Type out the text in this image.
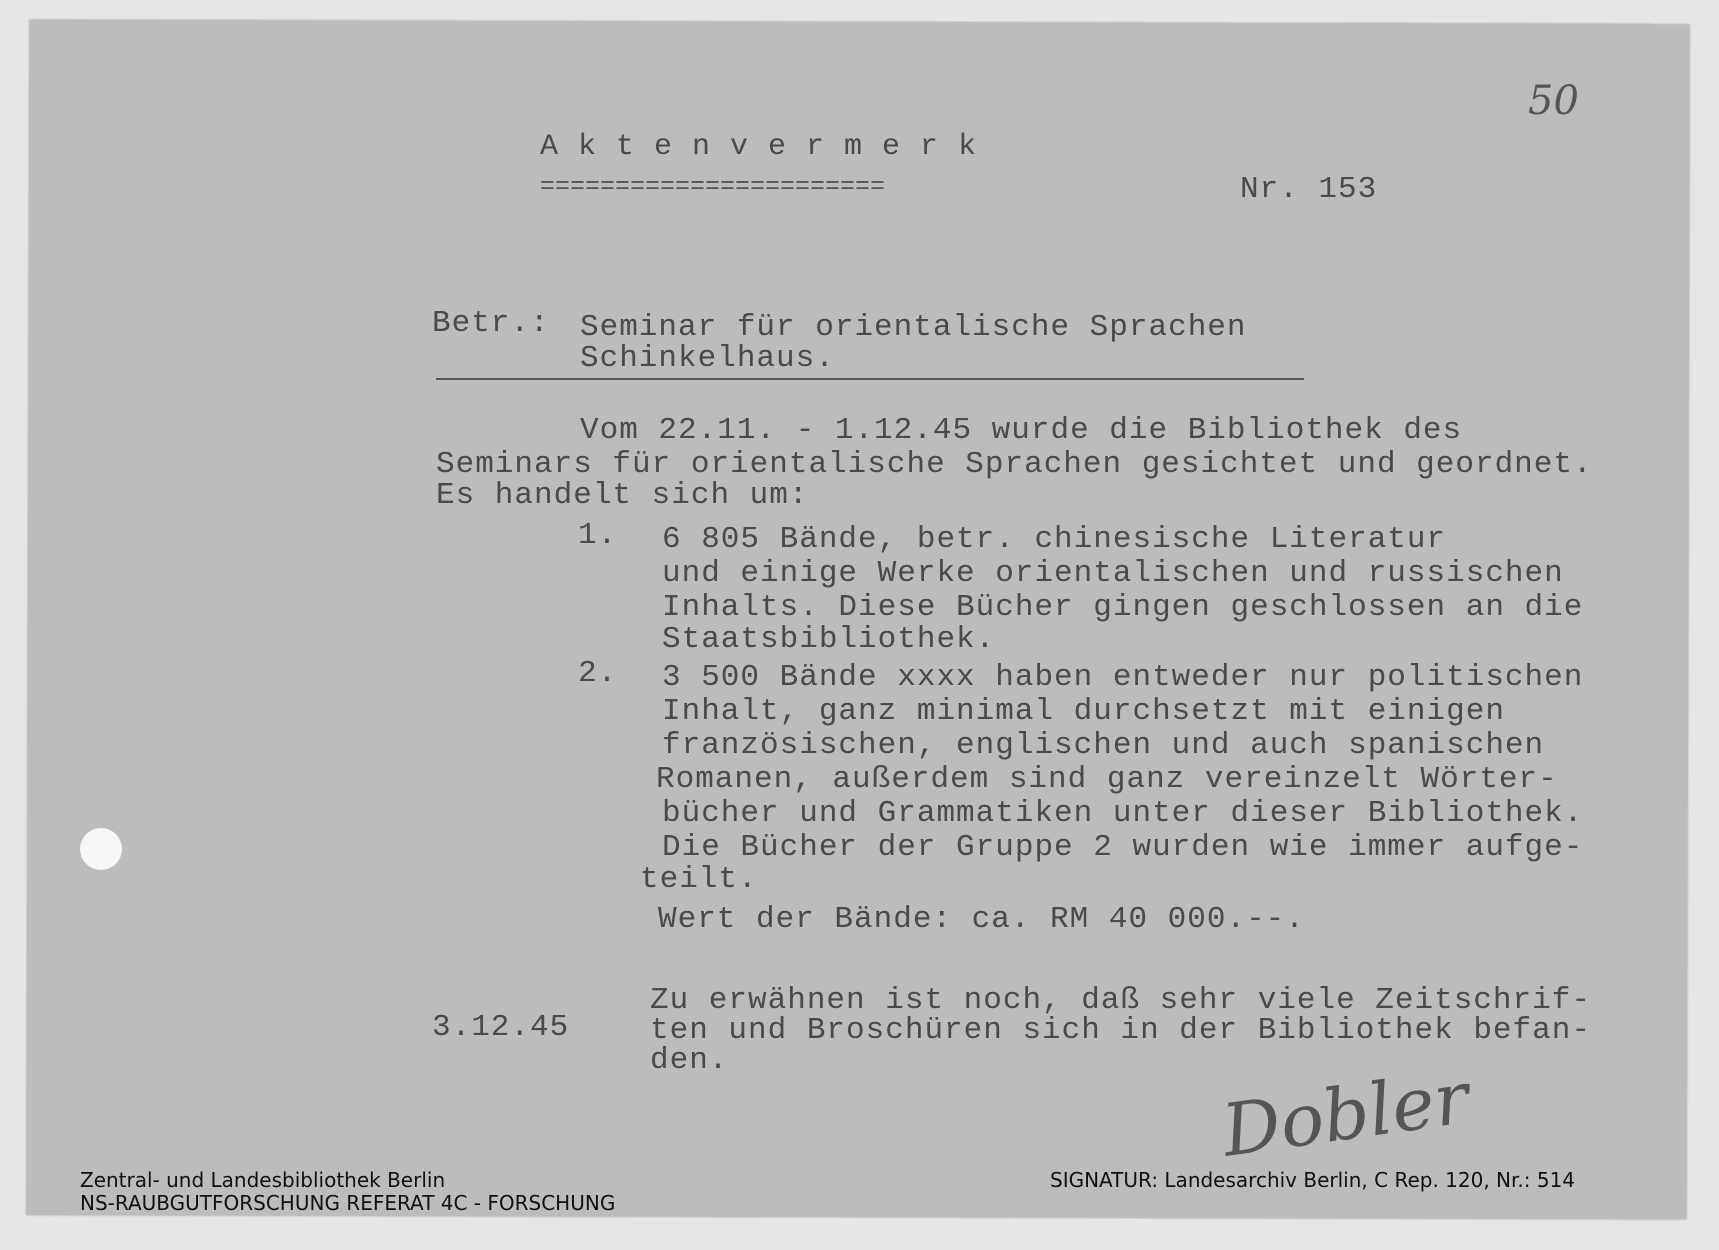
50
A k t e n v e r m e r k
=======================	Nr. 153
Betr.: Seminar für orientalische Sprachen
Schinkelhaus.
Vom 22.11. - 1.12.45 wurde die Bibliothek des
Seminars für orientalische Sprachen gesichtet und geordnet.
Es handelt sich um:
1. 6 805 Bände, betr. chinesische Literatur
und einige Werke orientalischen und russischen
Inhalts. Diese Bücher gingen geschlossen an die
Staatsbibliothek.
2. 3 500 Bände xxxx haben entweder nur politischen
Inhalt, ganz minimal durchsetzt mit einigen
französischen, englischen und auch spanischen
Romanen, außerdem sind ganz vereinzelt Wörter-
bücher und Grammatiken unter dieser Bibliothek.
Die Bücher der Gruppe 2 wurden wie immer aufge-
teilt.
Wert der Bände: ca. RM 40 000.--.
3.12.45
Zu erwähnen ist noch, daß sehr viele Zeitschrif-
ten und Broschüren sich in der Bibliothek befan-
den.	Dobler
Zentral- und Landesbibliothek Berlin
NS-RAUBGUTFORSCHUNG REFERAT 4C - FORSCHUNG
SIGNATUR: Landesarchiv Berlin, C Rep. 120, Nr.: 514
